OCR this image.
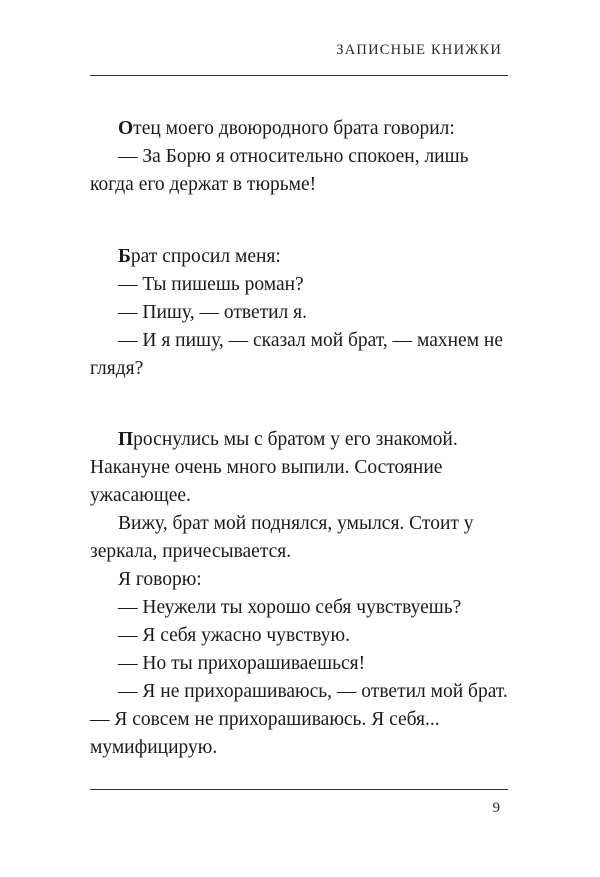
ЗАПИСНЫЕ КНИЖКИ

Отец моего двоюродного брата говорил:

— За Борю я относительно спокоен, лишь когда его держат в тюрьме!

Брат спросил меня:

— Ты пишешь роман?

— Пишу, — ответил я.

— И я пишу, — сказал мой брат, — махнем не глядя?

Проснулись мы с братом у его знакомой. Накануне очень много выпили. Состояние ужасающее.

Вижу, брат мой поднялся, умылся. Стоит у зеркала, причесывается.

Я говорю:

— Неужели ты хорошо себя чувствуешь?

— Я себя ужасно чувствую.

— Но ты прихорашиваешься!

— Я не прихорашиваюсь, — ответил мой брат. — Я совсем не прихорашиваюсь. Я себя... мумифицирую.

9
